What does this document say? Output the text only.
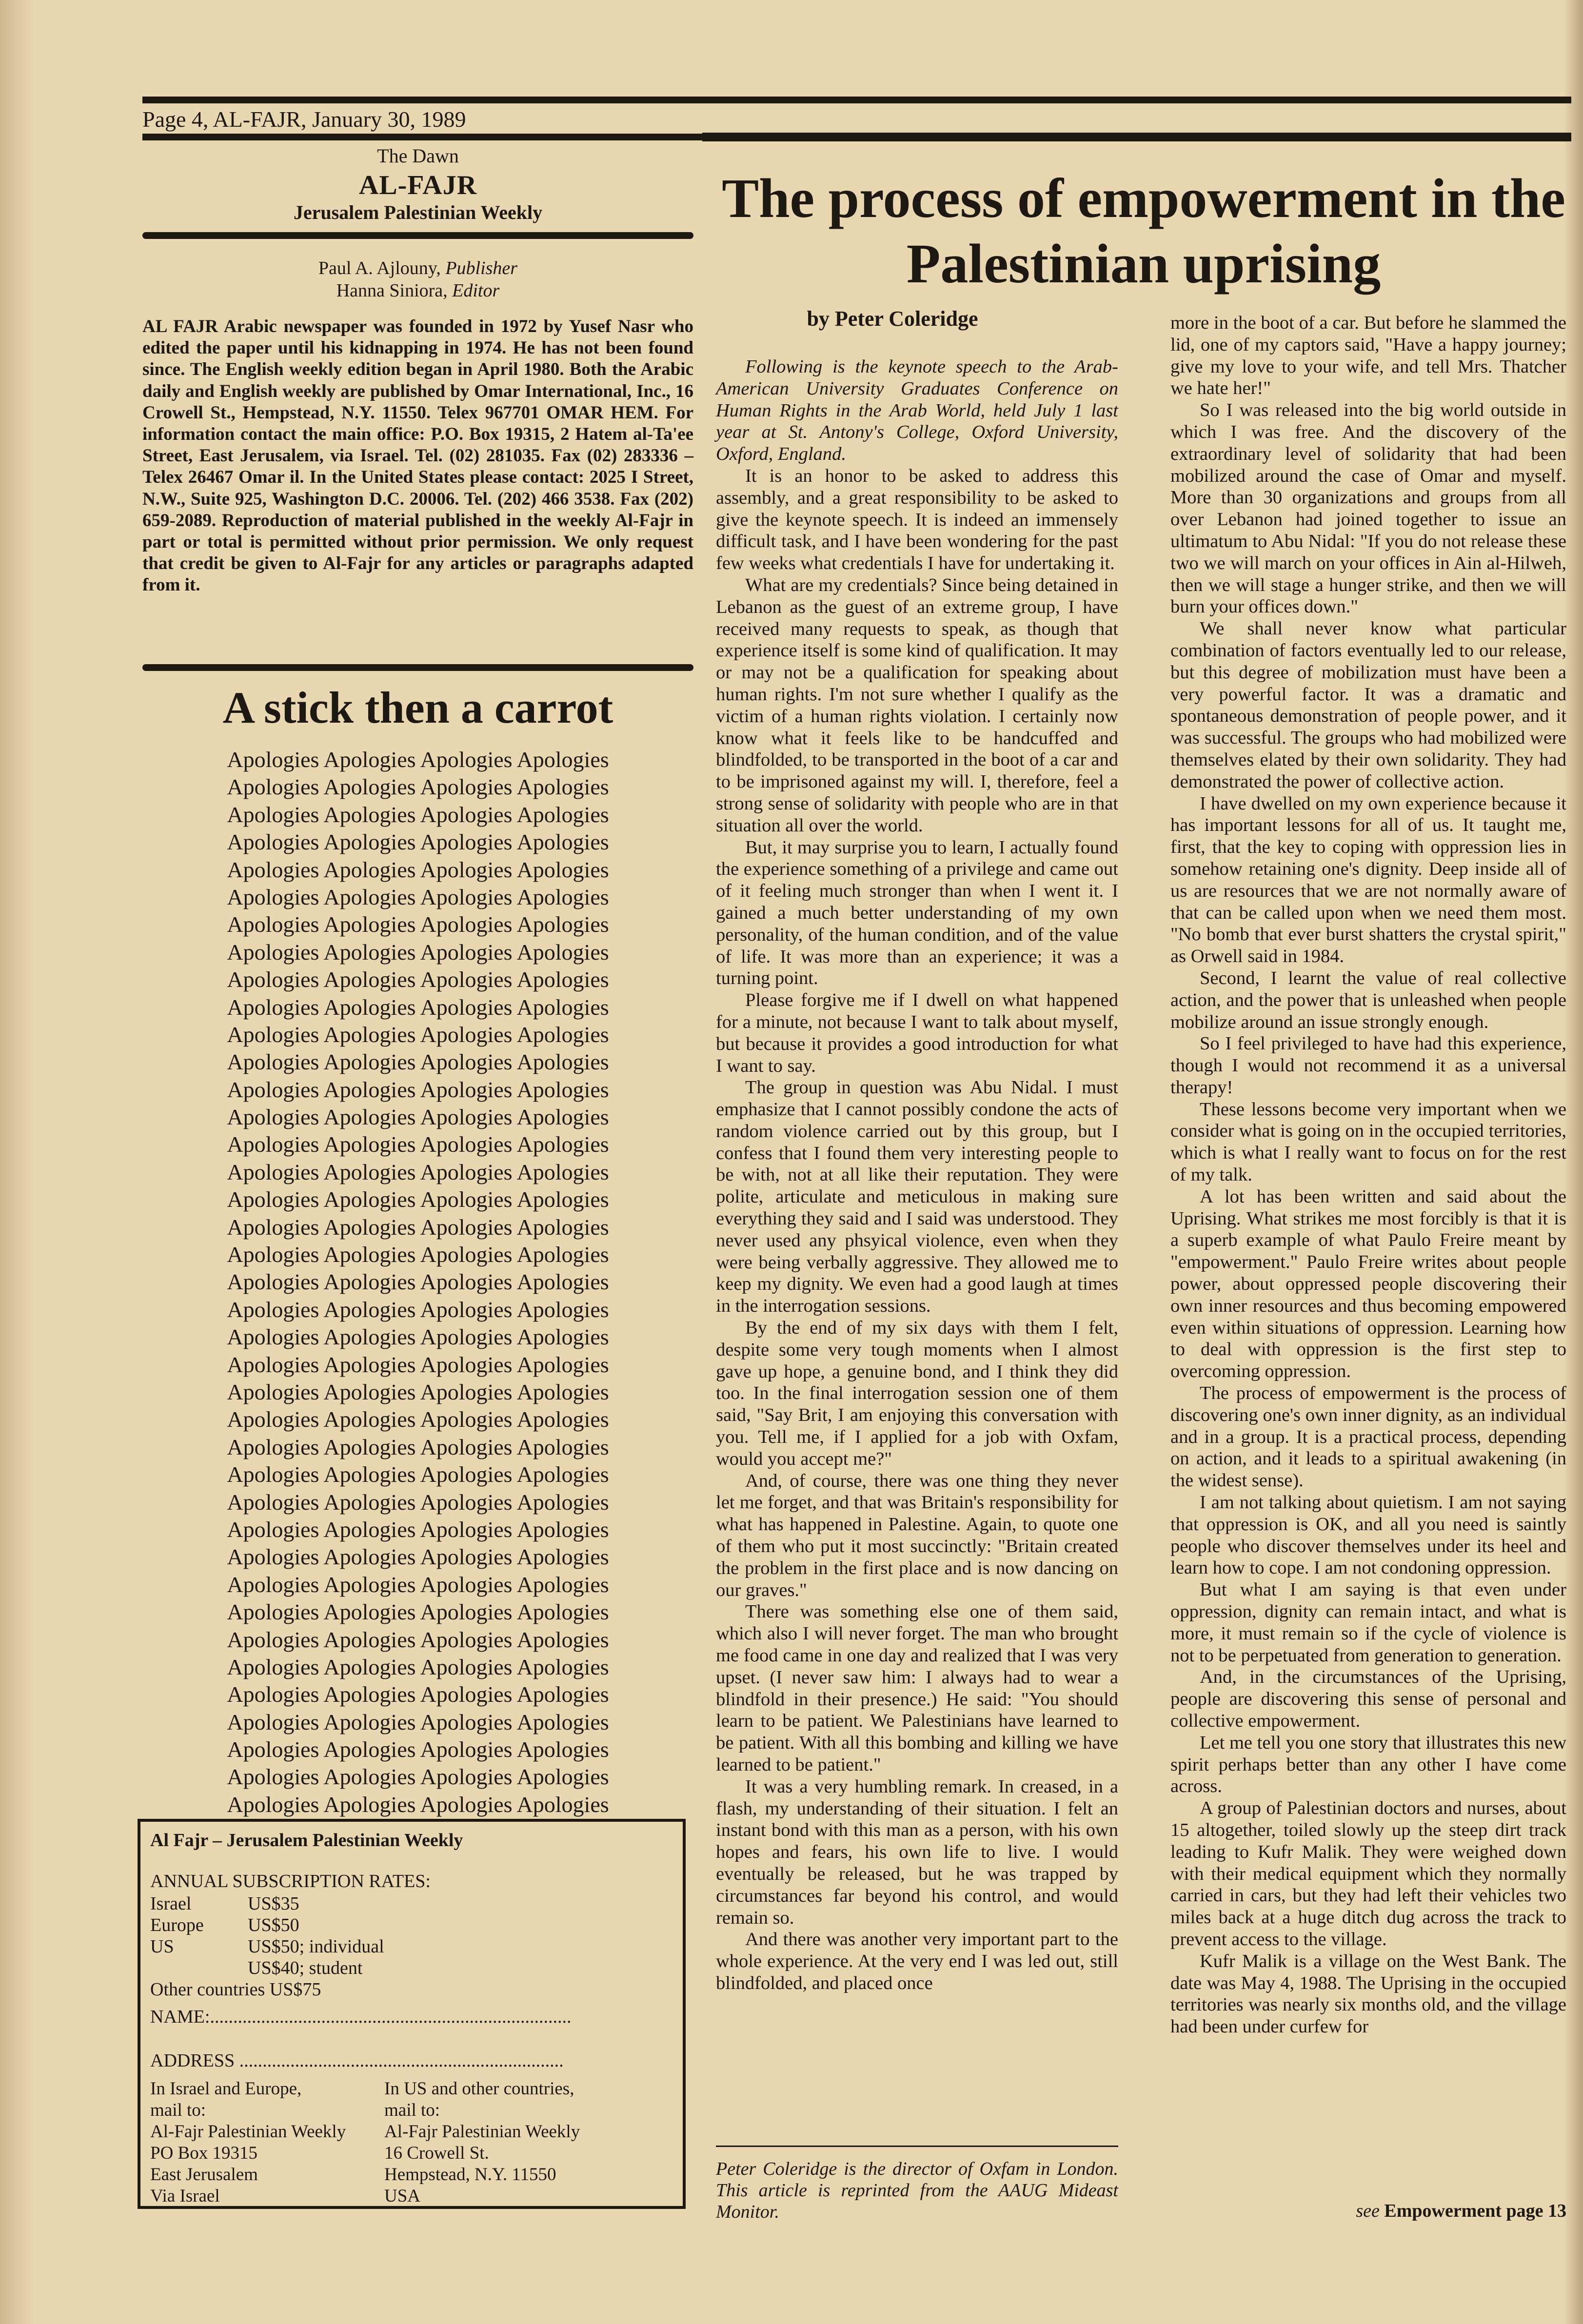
Page 4, AL-FAJR, January 30, 1989
The Dawn
AL-FAJR
Jerusalem Palestinian Weekly
Paul A. Ajlouny, Publisher
Hanna Siniora, Editor
AL FAJR Arabic newspaper was founded in 1972 by Yusef Nasr who edited the paper until his kidnapping in 1974. He has not been found since. The English weekly edition began in April 1980. Both the Arabic daily and English weekly are published by Omar International, Inc., 16 Crowell St., Hempstead, N.Y. 11550. Telex 967701 OMAR HEM. For information contact the main office: P.O. Box 19315, 2 Hatem al-Ta'ee Street, East Jerusalem, via Israel. Tel. (02) 281035. Fax (02) 283336 – Telex 26467 Omar il. In the United States please contact: 2025 I Street, N.W., Suite 925, Washington D.C. 20006. Tel. (202) 466 3538. Fax (202) 659-2089. Reproduction of material published in the weekly Al-Fajr in part or total is permitted without prior permission. We only request that credit be given to Al-Fajr for any articles or paragraphs adapted from it.
A stick then a carrot
Apologies Apologies Apologies Apologies
Apologies Apologies Apologies Apologies
Apologies Apologies Apologies Apologies
Apologies Apologies Apologies Apologies
Apologies Apologies Apologies Apologies
Apologies Apologies Apologies Apologies
Apologies Apologies Apologies Apologies
Apologies Apologies Apologies Apologies
Apologies Apologies Apologies Apologies
Apologies Apologies Apologies Apologies
Apologies Apologies Apologies Apologies
Apologies Apologies Apologies Apologies
Apologies Apologies Apologies Apologies
Apologies Apologies Apologies Apologies
Apologies Apologies Apologies Apologies
Apologies Apologies Apologies Apologies
Apologies Apologies Apologies Apologies
Apologies Apologies Apologies Apologies
Apologies Apologies Apologies Apologies
Apologies Apologies Apologies Apologies
Apologies Apologies Apologies Apologies
Apologies Apologies Apologies Apologies
Apologies Apologies Apologies Apologies
Apologies Apologies Apologies Apologies
Apologies Apologies Apologies Apologies
Apologies Apologies Apologies Apologies
Apologies Apologies Apologies Apologies
Apologies Apologies Apologies Apologies
Apologies Apologies Apologies Apologies
Apologies Apologies Apologies Apologies
Apologies Apologies Apologies Apologies
Apologies Apologies Apologies Apologies
Apologies Apologies Apologies Apologies
Apologies Apologies Apologies Apologies
Apologies Apologies Apologies Apologies
Apologies Apologies Apologies Apologies
Apologies Apologies Apologies Apologies
Apologies Apologies Apologies Apologies
Apologies Apologies Apologies Apologies
Al Fajr – Jerusalem Palestinian Weekly
ANNUAL SUBSCRIPTION RATES:
Israel	US$35
Europe US$50
US	US$50; individual
US$40; student
Other countries US$75
NAME:..............................................................................
ADDRESS ......................................................................
In Israel and Europe,
mail to:
Al-Fajr Palestinian Weekly
PO Box 19315
East Jerusalem
Via Israel
In US and other countries,
mail to:
Al-Fajr Palestinian Weekly
16 Crowell St.
Hempstead, N.Y. 11550
USA
The process of empowerment in the Palestinian uprising
by Peter Coleridge

Following is the keynote speech to the Arab-American University Graduates Conference on Human Rights in the Arab World, held July 1 last year at St. Antony's College, Oxford University, Oxford, England.

It is an honor to be asked to address this assembly, and a great responsibility to be asked to give the keynote speech. It is indeed an immensely difficult task, and I have been wondering for the past few weeks what credentials I have for undertaking it.

What are my credentials? Since being detained in Lebanon as the guest of an extreme group, I have received many requests to speak, as though that experience itself is some kind of qualification. It may or may not be a qualification for speaking about human rights. I'm not sure whether I qualify as the victim of a human rights violation. I certainly now know what it feels like to be handcuffed and blindfolded, to be transported in the boot of a car and to be imprisoned against my will. I, therefore, feel a strong sense of solidarity with people who are in that situation all over the world.

But, it may surprise you to learn, I actually found the experience something of a privilege and came out of it feeling much stronger than when I went it. I gained a much better understanding of my own personality, of the human condition, and of the value of life. It was more than an experience; it was a turning point.

Please forgive me if I dwell on what happened for a minute, not because I want to talk about myself, but because it provides a good introduction for what I want to say.

The group in question was Abu Nidal. I must emphasize that I cannot possibly condone the acts of random violence carried out by this group, but I confess that I found them very interesting people to be with, not at all like their reputation. They were polite, articulate and meticulous in making sure everything they said and I said was understood. They never used any phsyical violence, even when they were being verbally aggressive. They allowed me to keep my dignity. We even had a good laugh at times in the interrogation sessions.

By the end of my six days with them I felt, despite some very tough moments when I almost gave up hope, a genuine bond, and I think they did too. In the final interrogation session one of them said, "Say Brit, I am enjoying this conversation with you. Tell me, if I applied for a job with Oxfam, would you accept me?"

And, of course, there was one thing they never let me forget, and that was Britain's responsibility for what has happened in Palestine. Again, to quote one of them who put it most succinctly: "Britain created the problem in the first place and is now dancing on our graves."

There was something else one of them said, which also I will never forget. The man who brought me food came in one day and realized that I was very upset. (I never saw him: I always had to wear a blindfold in their presence.) He said: "You should learn to be patient. We Palestinians have learned to be patient. With all this bombing and killing we have learned to be patient."

It was a very humbling remark. In creased, in a flash, my understanding of their situation. I felt an instant bond with this man as a person, with his own hopes and fears, his own life to live. I would eventually be released, but he was trapped by circumstances far beyond his control, and would remain so.

And there was another very important part to the whole experience. At the very end I was led out, still blindfolded, and placed once

Peter Coleridge is the director of Oxfam in London. This article is reprinted from the AAUG Mideast Monitor.

more in the boot of a car. But before he slammed the lid, one of my captors said, "Have a happy journey; give my love to your wife, and tell Mrs. Thatcher we hate her!"

So I was released into the big world outside in which I was free. And the discovery of the extraordinary level of solidarity that had been mobilized around the case of Omar and myself. More than 30 organizations and groups from all over Lebanon had joined together to issue an ultimatum to Abu Nidal: "If you do not release these two we will march on your offices in Ain al-Hilweh, then we will stage a hunger strike, and then we will burn your offices down."

We shall never know what particular combination of factors eventually led to our release, but this degree of mobilization must have been a very powerful factor. It was a dramatic and spontaneous demonstration of people power, and it was successful. The groups who had mobilized were themselves elated by their own solidarity. They had demonstrated the power of collective action.

I have dwelled on my own experience because it has important lessons for all of us. It taught me, first, that the key to coping with oppression lies in somehow retaining one's dignity. Deep inside all of us are resources that we are not normally aware of that can be called upon when we need them most. "No bomb that ever burst shatters the crystal spirit," as Orwell said in 1984.

Second, I learnt the value of real collective action, and the power that is unleashed when people mobilize around an issue strongly enough.

So I feel privileged to have had this experience, though I would not recommend it as a universal therapy!

These lessons become very important when we consider what is going on in the occupied territories, which is what I really want to focus on for the rest of my talk.

A lot has been written and said about the Uprising. What strikes me most forcibly is that it is a superb example of what Paulo Freire meant by "empowerment." Paulo Freire writes about people power, about oppressed people discovering their own inner resources and thus becoming empowered even within situations of oppression. Learning how to deal with oppression is the first step to overcoming oppression.

The process of empowerment is the process of discovering one's own inner dignity, as an individual and in a group. It is a practical process, depending on action, and it leads to a spiritual awakening (in the widest sense).

I am not talking about quietism. I am not saying that oppression is OK, and all you need is saintly people who discover themselves under its heel and learn how to cope. I am not condoning oppression.

But what I am saying is that even under oppression, dignity can remain intact, and what is more, it must remain so if the cycle of violence is not to be perpetuated from generation to generation.

And, in the circumstances of the Uprising, people are discovering this sense of personal and collective empowerment.

Let me tell you one story that illustrates this new spirit perhaps better than any other I have come across.

A group of Palestinian doctors and nurses, about 15 altogether, toiled slowly up the steep dirt track leading to Kufr Malik. They were weighed down with their medical equipment which they normally carried in cars, but they had left their vehicles two miles back at a huge ditch dug across the track to prevent access to the village.

Kufr Malik is a village on the West Bank. The date was May 4, 1988. The Uprising in the occupied territories was nearly six months old, and the village had been under curfew for

see Empowerment page 13
